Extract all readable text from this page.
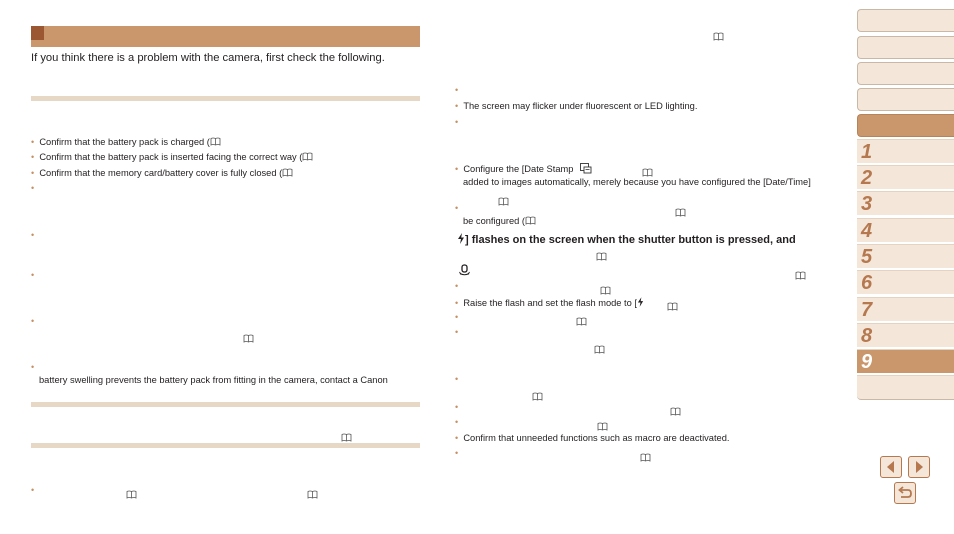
If you think there is a problem with the camera, first check the following.
• Confirm that the battery pack is charged (
• Confirm that the battery pack is inserted facing the correct way (
• Confirm that the memory card/battery cover is fully closed (
•
•
•
•
•
battery swelling prevents the battery pack from fitting in the camera, contact a Canon
•
•
• The screen may flicker under fluorescent or LED lighting.
•
• Configure the [Date Stamp
added to images automatically, merely because you have configured the [Date/Time]
•
be configured (
] flashes on the screen when the shutter button is pressed, and
•
• Raise the flash and set the flash mode to [
•
•
•
•
•
• Confirm that unneeded functions such as macro are deactivated.
•
1
2
3
4
5
6
7
8
9
